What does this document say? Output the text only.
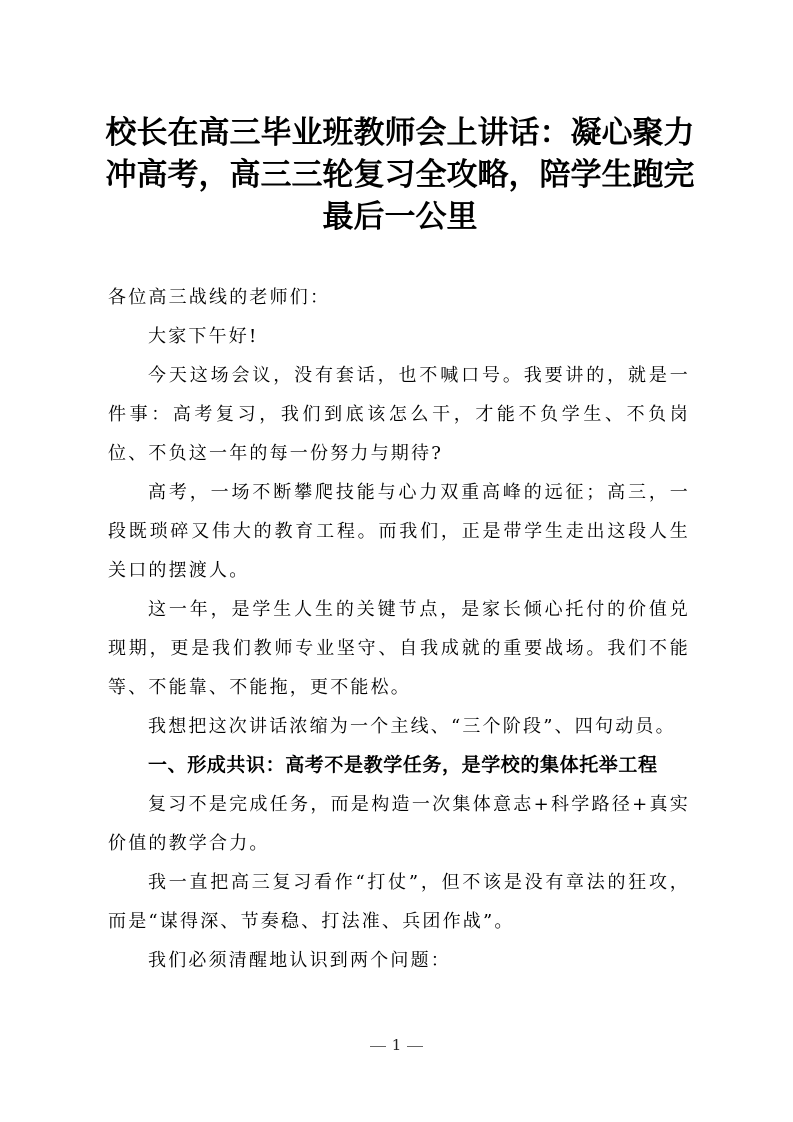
校长在高三毕业班教师会上讲话：凝心聚力冲高考，高三三轮复习全攻略，陪学生跑完最后一公里

各位高三战线的老师们：

大家下午好!

今天这场会议，没有套话，也不喊口号。我要讲的，就是一件事：高考复习，我们到底该怎么干，才能不负学生、不负岗位、不负这一年的每一份努力与期待?

高考，一场不断攀爬技能与心力双重高峰的远征；高三，一段既琐碎又伟大的教育工程。而我们，正是带学生走出这段人生关口的摆渡人。

这一年，是学生人生的关键节点，是家长倾心托付的价值兑现期，更是我们教师专业坚守、自我成就的重要战场。我们不能等、不能靠、不能拖，更不能松。

我想把这次讲话浓缩为一个主线、“三个阶段”、四句动员。

一、形成共识：高考不是教学任务，是学校的集体托举工程

复习不是完成任务，而是构造一次集体意志+科学路径+真实价值的教学合力。

我一直把高三复习看作“打仗”，但不该是没有章法的狂攻，而是“谋得深、节奏稳、打法准、兵团作战”。

我们必须清醒地认识到两个问题：

1
